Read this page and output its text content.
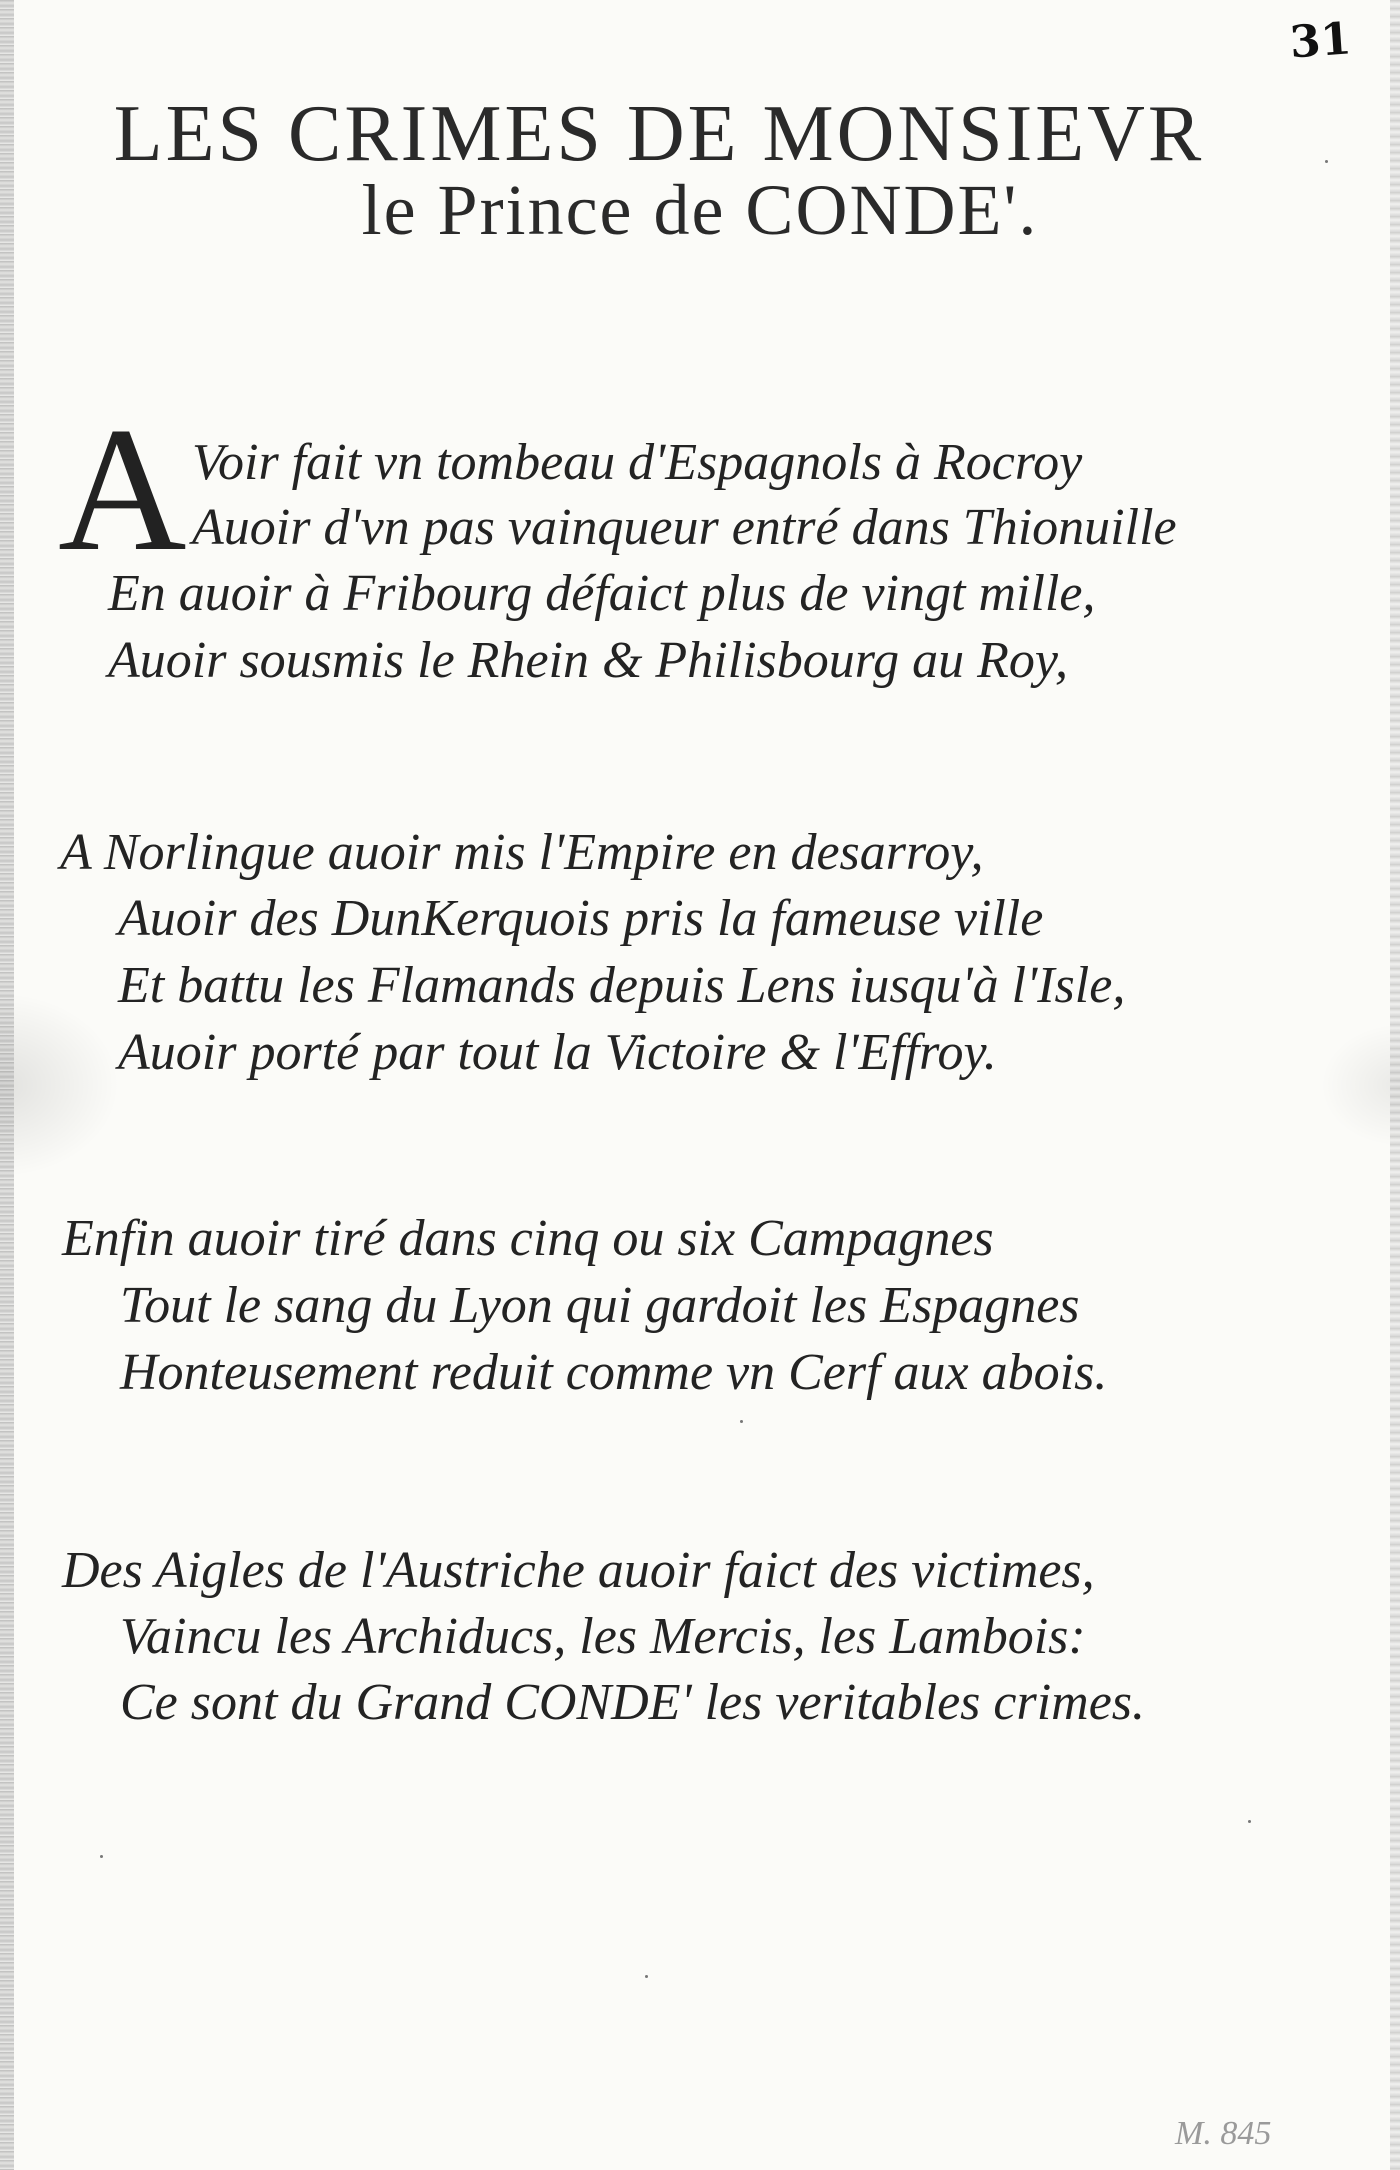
31
LES CRIMES DE MONSIEVR
le Prince de CONDE'.
A Voir fait vn tombeau d'Espagnols à Rocroy
Auoir d'vn pas vainqueur entré dans Thionuille
En auoir à Fribourg défaict plus de vingt mille,
Auoir sousmis le Rhein & Philisbourg au Roy,
A Norlingue auoir mis l'Empire en desarroy,
Auoir des DunKerquois pris la fameuse ville
Et battu les Flamands depuis Lens iusqu'à l'Isle,
Auoir porté par tout la Victoire & l'Effroy.
Enfin auoir tiré dans cinq ou six Campagnes
Tout le sang du Lyon qui gardoit les Espagnes
Honteusement reduit comme vn Cerf aux abois.
Des Aigles de l'Austriche auoir faict des victimes,
Vaincu les Archiducs, les Mercis, les Lambois:
Ce sont du Grand CONDE' les veritables crimes.
M. 845
